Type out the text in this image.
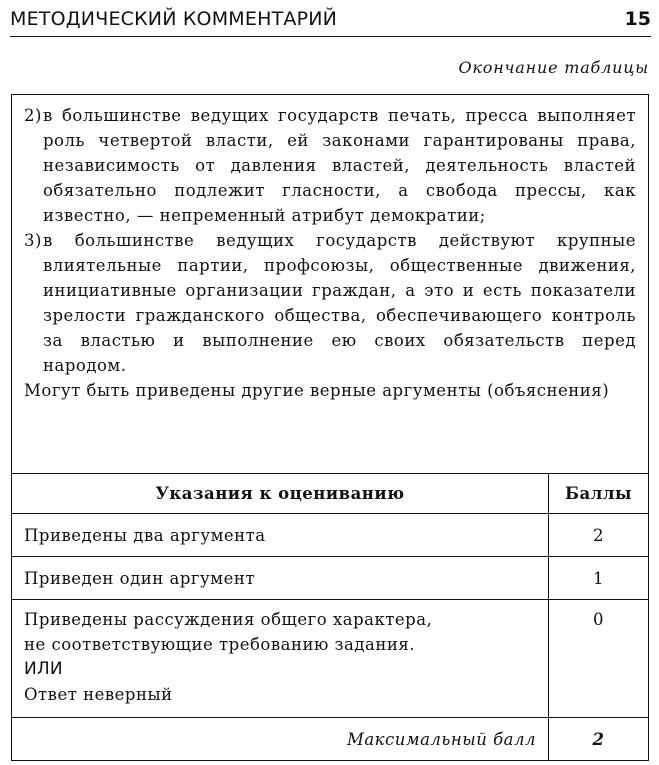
МЕТОДИЧЕСКИЙ КОММЕНТАРИЙ	15
Окончание таблицы
2) в большинстве ведущих государств печать, пресса выполняет роль четвертой власти, ей законами гарантированы права, независимость от давления властей, деятельность властей обязательно подлежит гласности, а свобода прессы, как известно, — непременный атрибут демократии;
3) в большинстве ведущих государств действуют крупные влиятельные партии, профсоюзы, общественные движения, инициативные организации граждан, а это и есть показатели зрелости гражданского общества, обеспечивающего контроль за властью и выполнение ею своих обязательств перед народом.
Могут быть приведены другие верные аргументы (объяснения)	

Указания к оцениванию	Баллы
Приведены два аргумента	2
Приведен один аргумент	1

Приведены рассуждения общего характера,
не соответствующие требованию задания.
ИЛИ
Ответ неверный	0
Максимальный балл	2
